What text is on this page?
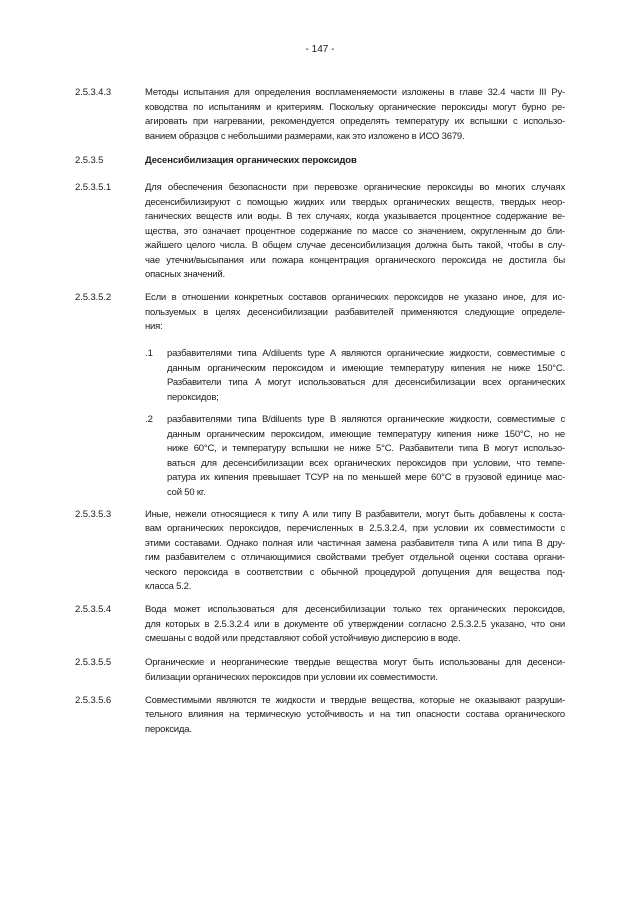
- 147 -
2.5.3.4.3	Методы испытания для определения воспламеняемости изложены в главе 32.4 части III Ру-
ководства по испытаниям и критериям. Поскольку органические пероксиды могут бурно ре-
агировать при нагревании, рекомендуется определять температуру их вспышки с использо-
ванием образцов с небольшими размерами, как это изложено в ИСО 3679.
2.5.3.5	Десенсибилизация органических пероксидов
2.5.3.5.1	Для обеспечения безопасности при перевозке органические пероксиды во многих случаях
десенсибилизируют с помощью жидких или твердых органических веществ, твердых неор-
ганических веществ или воды. В тех случаях, когда указывается процентное содержание ве-
щества, это означает процентное содержание по массе со значением, округленным до бли-
жайшего целого числа. В общем случае десенсибилизация должна быть такой, чтобы в слу-
чае утечки/высыпания или пожара концентрация органического пероксида не достигла бы
опасных значений.
2.5.3.5.2	Если в отношении конкретных составов органических пероксидов не указано иное, для ис-
пользуемых в целях десенсибилизации разбавителей применяются следующие определе-
ния:
.1	разбавителями типа A/diluents type A являются органические жидкости, совместимые с
данным органическим пероксидом и имеющие температуру кипения не ниже 150°C.
Разбавители типа A могут использоваться для десенсибилизации всех органических
пероксидов;
.2	разбавителями типа B/diluents type B являются органические жидкости, совместимые с
данным органическим пероксидом, имеющие температуру кипения ниже 150°C, но не
ниже 60°C, и температуру вспышки не ниже 5°C. Разбавители типа B могут использо-
ваться для десенсибилизации всех органических пероксидов при условии, что темпе-
ратура их кипения превышает ТСУР на по меньшей мере 60°C в грузовой единице мас-
сой 50 кг.
2.5.3.5.3	Иные, нежели относящиеся к типу A или типу B разбавители, могут быть добавлены к соста-
вам органических пероксидов, перечисленных в 2.5.3.2.4, при условии их совместимости с
этими составами. Однако полная или частичная замена разбавителя типа A или типа B дру-
гим разбавителем с отличающимися свойствами требует отдельной оценки состава органи-
ческого пероксида в соответствии с обычной процедурой допущения для вещества под-
класса 5.2.
2.5.3.5.4	Вода может использоваться для десенсибилизации только тех органических пероксидов,
для которых в 2.5.3.2.4 или в документе об утверждении согласно 2.5.3.2.5 указано, что они
смешаны с водой или представляют собой устойчивую дисперсию в воде.
2.5.3.5.5	Органические и неорганические твердые вещества могут быть использованы для десенси-
билизации органических пероксидов при условии их совместимости.
2.5.3.5.6	Совместимыми являются те жидкости и твердые вещества, которые не оказывают разруши-
тельного влияния на термическую устойчивость и на тип опасности состава органического
пероксида.
